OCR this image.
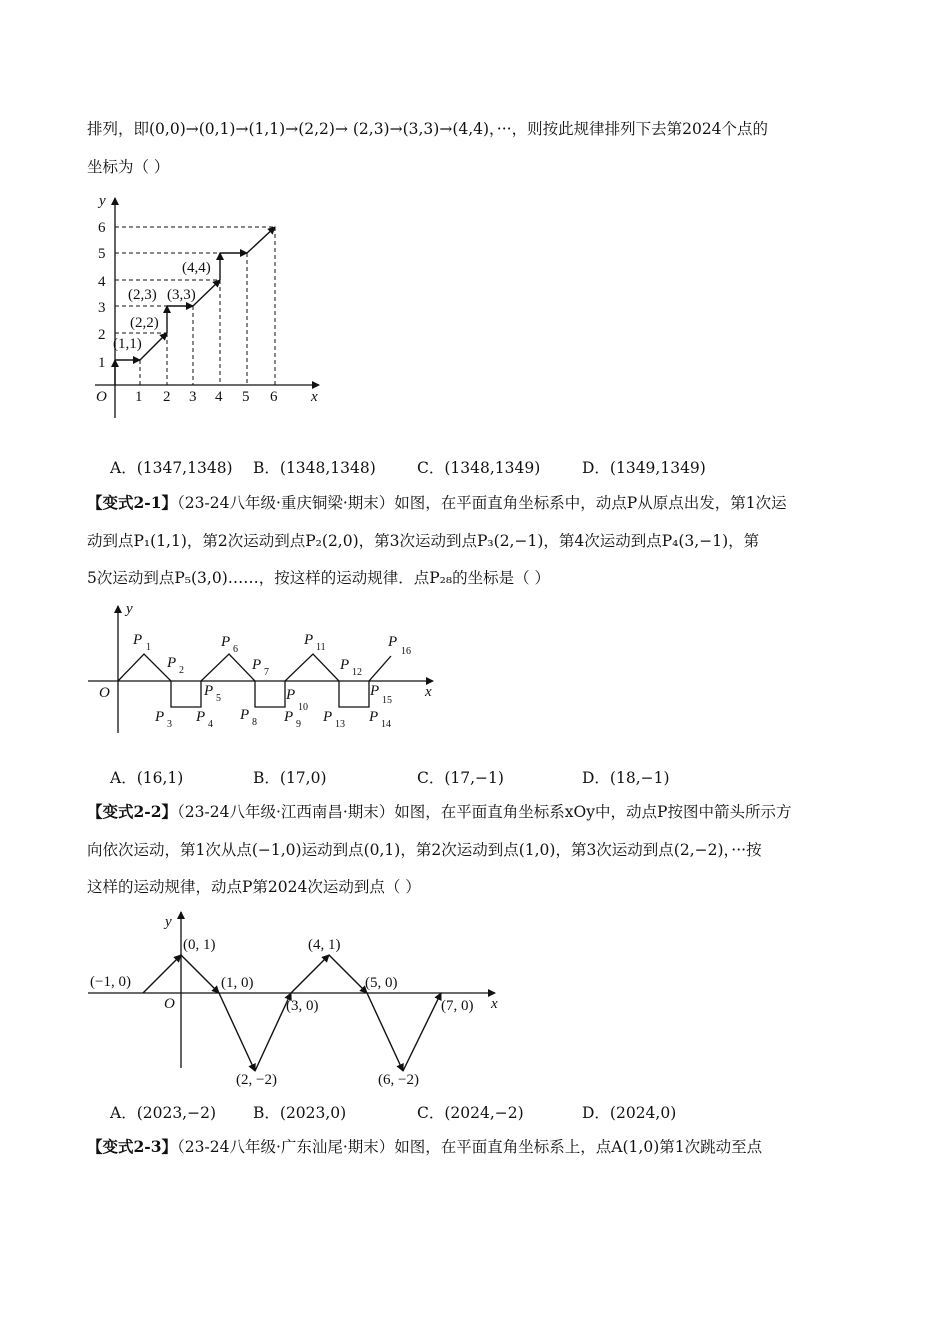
排列，即(0,0)→(0,1)→(1,1)→(2,2)→ (2,3)→(3,3)→(4,4)，···，则按此规律排列下去第2024个点的
坐标为（ ）
x
y
O 1 2 3 4 5 6
1
2
3
4
5
6
(1,1)
(2,2)
(2,3) (3,3)
(4,4)
A．(1347,1348) B．(1348,1348)	C．(1348,1349)	D．(1349,1349)
【变式2-1】（23-24八年级·重庆铜梁·期末）如图，在平面直角坐标系中，动点P从原点出发，第1次运
动到点P₁(1,1)，第2次运动到点P₂(2,0)，第3次运动到点P₃(2,−1)，第4次运动到点P₄(3,−1)，第
5次运动到点P₅(3,0)……，按这样的运动规律．点P₂₈的坐标是（ ）
x
y
O
P 1
P 2
P 3 P 4
P 5
P 6
P 7
P 8 P 9
P10
P 11
P 12
P 13 P 14
P15
P16
A．(16,1)	B．(17,0)	C．(17,−1)	D．(18,−1)
【变式2-2】（23-24八年级·江西南昌·期末）如图，在平面直角坐标系xOy中，动点P按图中箭头所示方
向依次运动，第1次从点(−1,0)运动到点(0,1)，第2次运动到点(1,0)，第3次运动到点(2,−2)，···按
这样的运动规律，动点P第2024次运动到点（ ）
x
y
O
(−1, 0)
(0, 1)
(1, 0)
(2, −2)
(3, 0)
(4, 1)
(5, 0)
(6, −2)
(7, 0)
A．(2023,−2) B．(2023,0)	C．(2024,−2)	D．(2024,0)
【变式2-3】（23-24八年级·广东汕尾·期末）如图，在平面直角坐标系上，点A(1,0)第1次跳动至点
